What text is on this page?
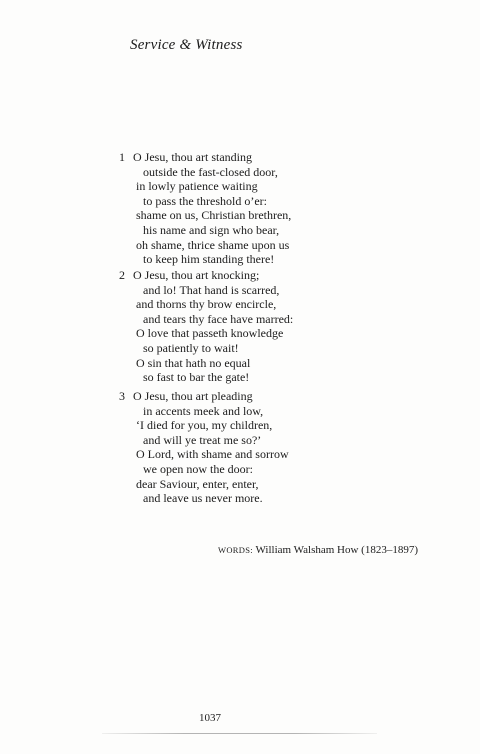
Service & Witness
1 O Jesu, thou art standing
outside the fast-closed door,
in lowly patience waiting
to pass the threshold o’er:
shame on us, Christian brethren,
his name and sign who bear,
oh shame, thrice shame upon us
to keep him standing there!
2 O Jesu, thou art knocking;
and lo! That hand is scarred,
and thorns thy brow encircle,
and tears thy face have marred:
O love that passeth knowledge
so patiently to wait!
O sin that hath no equal
so fast to bar the gate!
3 O Jesu, thou art pleading
in accents meek and low,
‘I died for you, my children,
and will ye treat me so?’
O Lord, with shame and sorrow
we open now the door:
dear Saviour, enter, enter,
and leave us never more.
WORDS: William Walsham How (1823–1897)
1037
